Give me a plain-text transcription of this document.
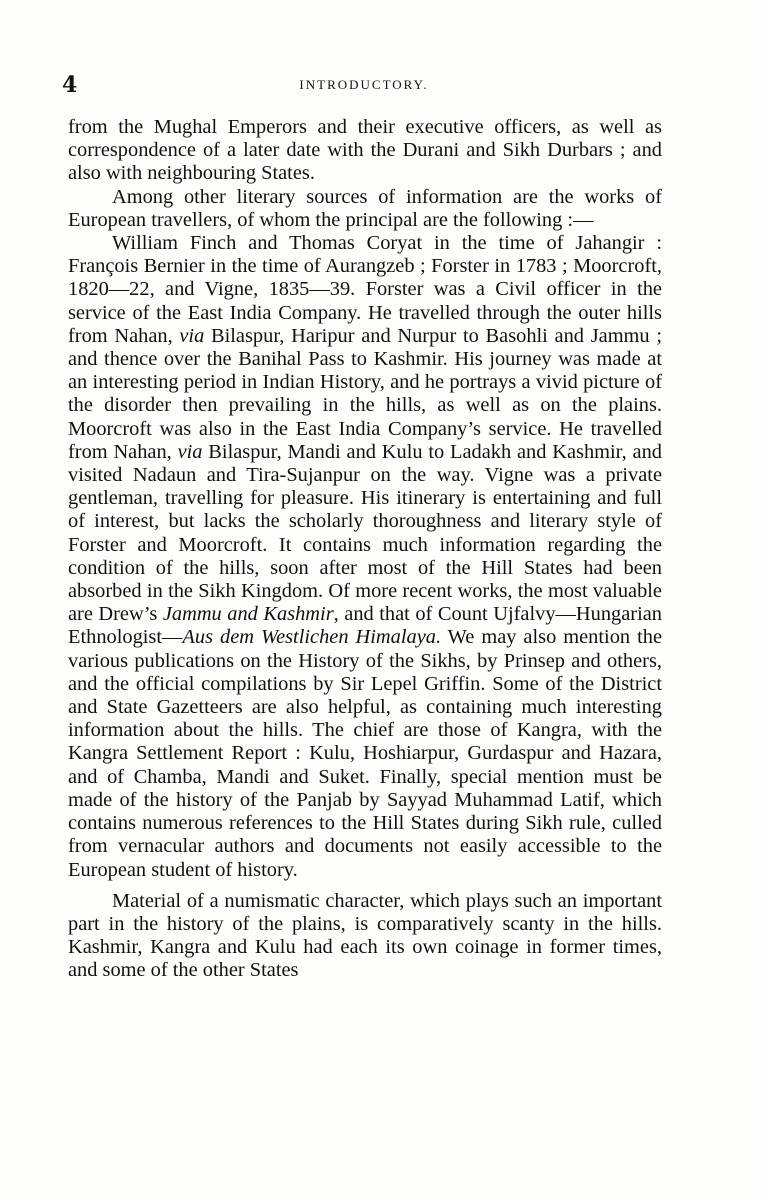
4	INTRODUCTORY.

from the Mughal Emperors and their executive officers, as well as correspondence of a later date with the Durani and Sikh Durbars ; and also with neighbouring States.

Among other literary sources of information are the works of European travellers, of whom the principal are the following :—

William Finch and Thomas Coryat in the time of Jahangir : François Bernier in the time of Aurangzeb ; Forster in 1783 ; Moorcroft, 1820—22, and Vigne, 1835—39. Forster was a Civil officer in the service of the East India Company. He travelled through the outer hills from Nahan, via Bilaspur, Haripur and Nurpur to Basohli and Jammu ; and thence over the Banihal Pass to Kashmir. His journey was made at an interesting period in Indian History, and he portrays a vivid picture of the disorder then prevailing in the hills, as well as on the plains. Moorcroft was also in the East India Company’s service. He travelled from Nahan, via Bilaspur, Mandi and Kulu to Ladakh and Kashmir, and visited Nadaun and Tira-Sujanpur on the way. Vigne was a private gentleman, travelling for pleasure. His itinerary is entertaining and full of interest, but lacks the scholarly thoroughness and literary style of Forster and Moorcroft. It contains much information regarding the condition of the hills, soon after most of the Hill States had been absorbed in the Sikh Kingdom. Of more recent works, the most valuable are Drew’s Jammu and Kashmir, and that of Count Ujfalvy—Hungarian Ethnologist—Aus dem Westlichen Himalaya. We may also mention the various publications on the History of the Sikhs, by Prinsep and others, and the official compilations by Sir Lepel Griffin. Some of the District and State Gazetteers are also helpful, as containing much interesting information about the hills. The chief are those of Kangra, with the Kangra Settlement Report : Kulu, Hoshiarpur, Gurdaspur and Hazara, and of Chamba, Mandi and Suket. Finally, special mention must be made of the history of the Panjab by Sayyad Muhammad Latif, which contains numerous references to the Hill States during Sikh rule, culled from vernacular authors and documents not easily accessible to the European student of history.

Material of a numismatic character, which plays such an important part in the history of the plains, is comparatively scanty in the hills. Kashmir, Kangra and Kulu had each its own coinage in former times, and some of the other States
